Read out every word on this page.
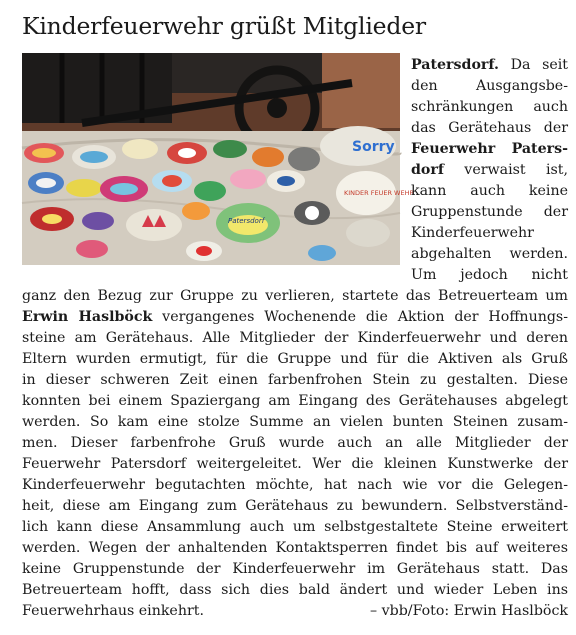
Kinderfeuerwehr grüßt Mitglieder
Sorry
KINDER FEUER WEHR
Patersdorf
Patersdorf. Da seit
den Ausgangsbe-
schränkungen auch
das Gerätehaus der
Feuerwehr Paters-
dorf verwaist ist,
kann auch keine
Gruppenstunde der
Kinderfeuerwehr
abgehalten werden.
Um jedoch nicht
ganz den Bezug zur Gruppe zu verlieren, startete das Betreuerteam um
Erwin Haslböck vergangenes Wochenende die Aktion der Hoffnungs-
steine am Gerätehaus. Alle Mitglieder der Kinderfeuerwehr und deren
Eltern wurden ermutigt, für die Gruppe und für die Aktiven als Gruß
in dieser schweren Zeit einen farbenfrohen Stein zu gestalten. Diese
konnten bei einem Spaziergang am Eingang des Gerätehauses abgelegt
werden. So kam eine stolze Summe an vielen bunten Steinen zusam-
men. Dieser farbenfrohe Gruß wurde auch an alle Mitglieder der
Feuerwehr Patersdorf weitergeleitet. Wer die kleinen Kunstwerke der
Kinderfeuerwehr begutachten möchte, hat nach wie vor die Gelegen-
heit, diese am Eingang zum Gerätehaus zu bewundern. Selbstverständ-
lich kann diese Ansammlung auch um selbstgestaltete Steine erweitert
werden. Wegen der anhaltenden Kontaktsperren findet bis auf weiteres
keine Gruppenstunde der Kinderfeuerwehr im Gerätehaus statt. Das
Betreuerteam hofft, dass sich dies bald ändert und wieder Leben ins
Feuerwehrhaus einkehrt.	– vbb/Foto: Erwin Haslböck
